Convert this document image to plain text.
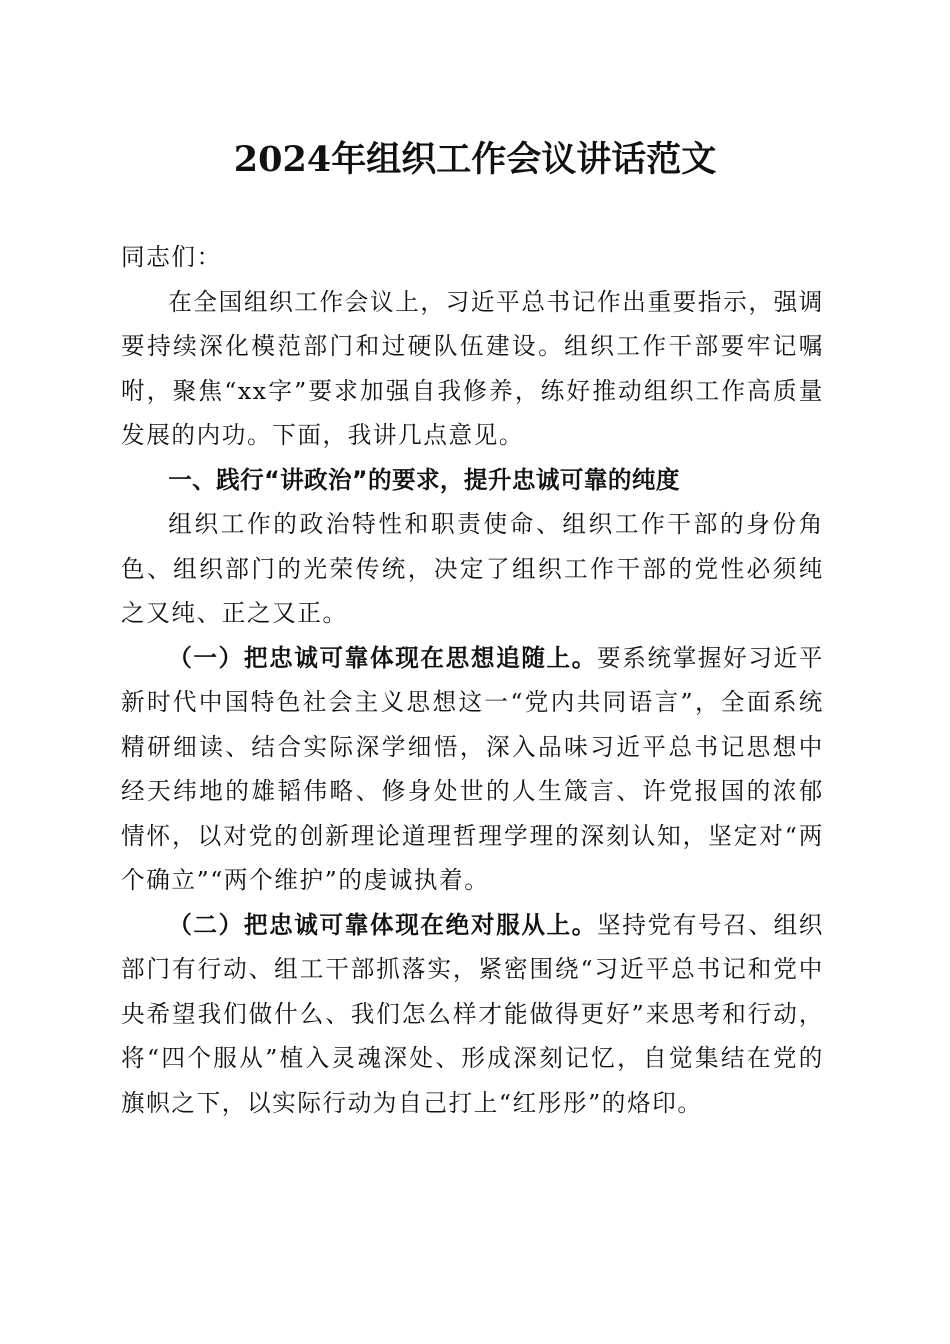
2024年组织工作会议讲话范文

同志们：

在全国组织工作会议上，习近平总书记作出重要指示，强调要持续深化模范部门和过硬队伍建设。组织工作干部要牢记嘱咐，聚焦“xx字”要求加强自我修养，练好推动组织工作高质量发展的内功。下面，我讲几点意见。

一、践行“讲政治”的要求，提升忠诚可靠的纯度

组织工作的政治特性和职责使命、组织工作干部的身份角色、组织部门的光荣传统，决定了组织工作干部的党性必须纯之又纯、正之又正。

（一）把忠诚可靠体现在思想追随上。要系统掌握好习近平新时代中国特色社会主义思想这一“党内共同语言”，全面系统精研细读、结合实际深学细悟，深入品味习近平总书记思想中经天纬地的雄韬伟略、修身处世的人生箴言、许党报国的浓郁情怀，以对党的创新理论道理哲理学理的深刻认知，坚定对“两个确立”“两个维护”的虔诚执着。

（二）把忠诚可靠体现在绝对服从上。坚持党有号召、组织部门有行动、组工干部抓落实，紧密围绕“习近平总书记和党中央希望我们做什么、我们怎么样才能做得更好”来思考和行动，将“四个服从”植入灵魂深处、形成深刻记忆，自觉集结在党的旗帜之下，以实际行动为自己打上“红彤彤”的烙印。
